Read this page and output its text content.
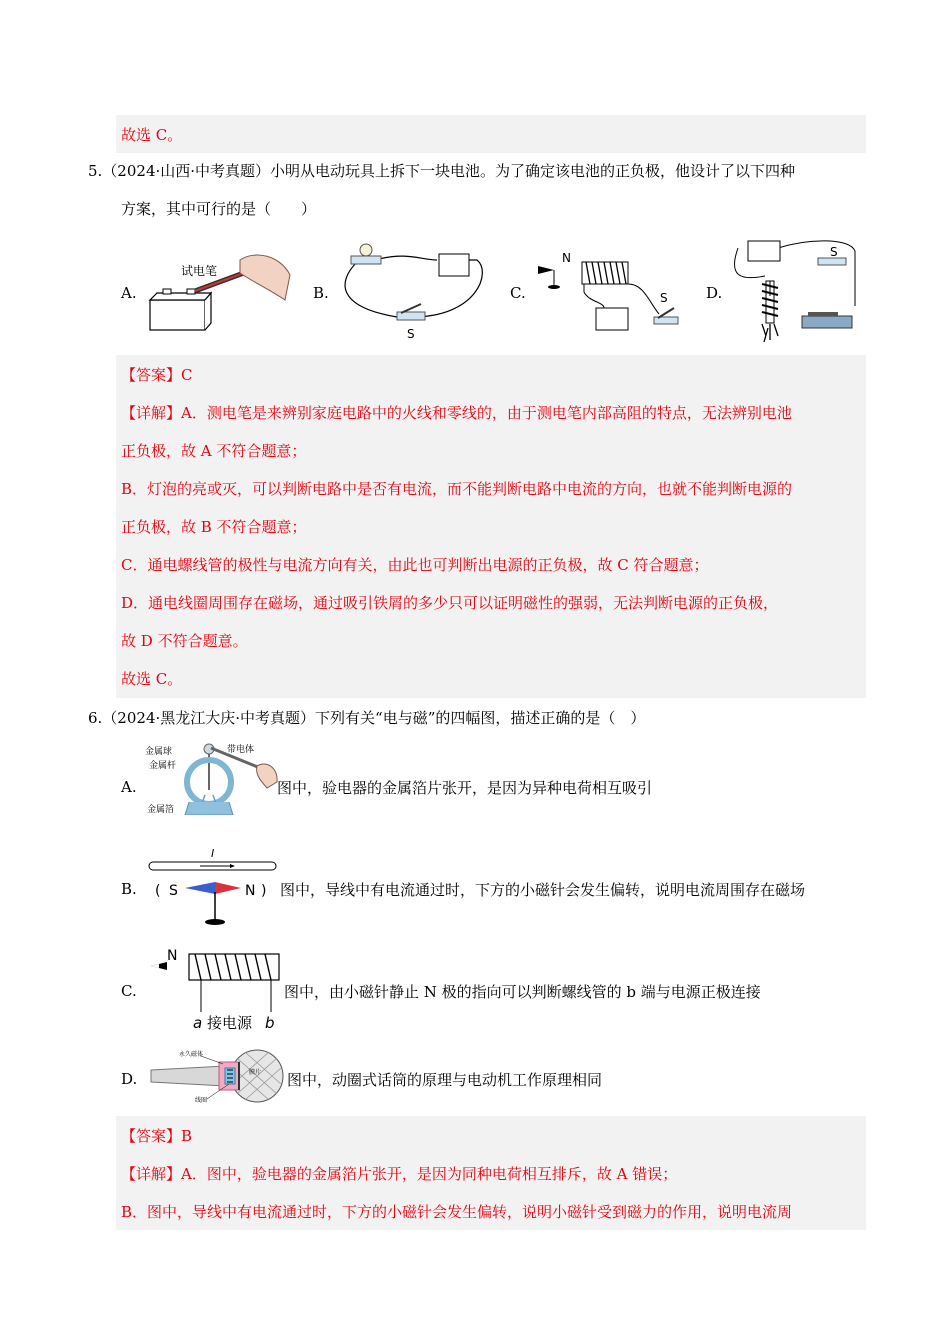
故选 C。
5.（2024·山西·中考真题）小明从电动玩具上拆下一块电池。为了确定该电池的正负极，他设计了以下四种
方案，其中可行的是（　　）
A.
试电笔
B.
S
C.
N
S	D.
S
【答案】C
【详解】A．测电笔是来辨别家庭电路中的火线和零线的，由于测电笔内部高阻的特点，无法辨别电池
正负极，故 A 不符合题意；
B．灯泡的亮或灭，可以判断电路中是否有电流，而不能判断电路中电流的方向，也就不能判断电源的
正负极，故 B 不符合题意；
C．通电螺线管的极性与电流方向有关，由此也可判断出电源的正负极，故 C 符合题意；
D．通电线圈周围存在磁场，通过吸引铁屑的多少只可以证明磁性的强弱，无法判断电源的正负极，
故 D 不符合题意。
故选 C。
6.（2024·黑龙江大庆·中考真题）下列有关“电与磁”的四幅图，描述正确的是（　）
A.
金属球
金属杆
带电体
金属箔
图中，验电器的金属箔片张开，是因为异种电荷相互吸引
B.
I
( S	N ) 图中，导线中有电流通过时，下方的小磁针会发生偏转，说明电流周围存在磁场
C.
N
a 接电源 b
图中，由小磁针静止 N 极的指向可以判断螺线管的 b 端与电源正极连接
D.
永久磁体
膜片
线圈
图中，动圈式话筒的原理与电动机工作原理相同
【答案】B
【详解】A．图中，验电器的金属箔片张开，是因为同种电荷相互排斥，故 A 错误；
B．图中，导线中有电流通过时，下方的小磁针会发生偏转，说明小磁针受到磁力的作用，说明电流周
